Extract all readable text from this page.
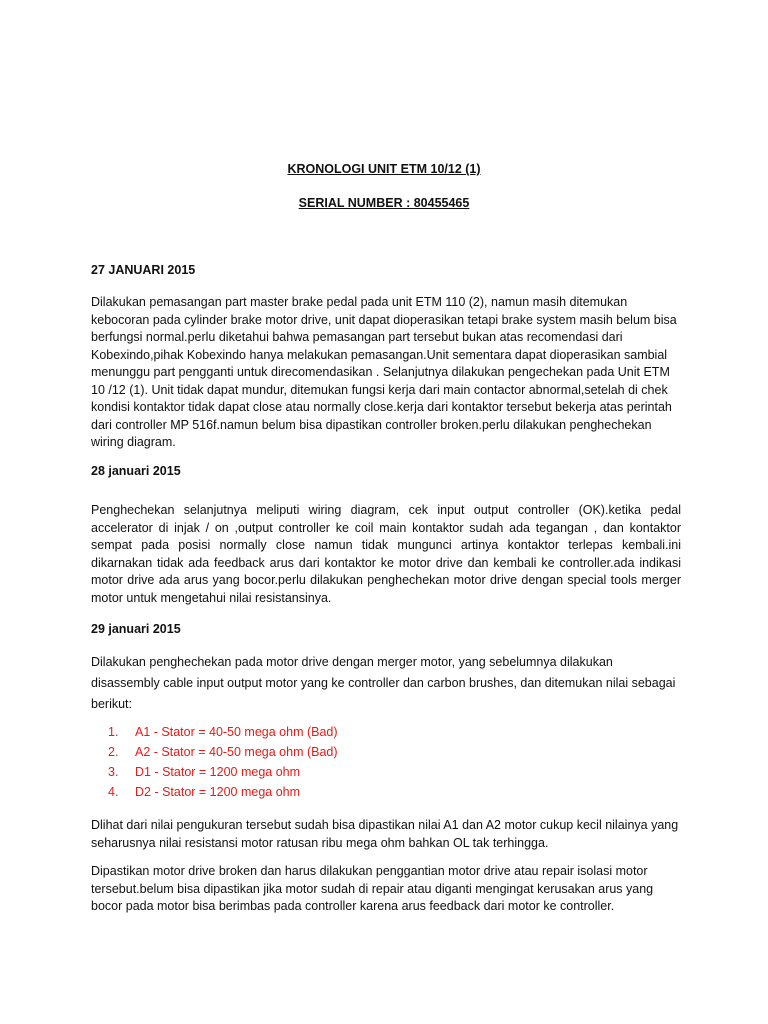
KRONOLOGI UNIT ETM 10/12 (1)
SERIAL NUMBER : 80455465
27 JANUARI 2015
Dilakukan pemasangan part master brake pedal pada unit ETM 110 (2), namun masih ditemukan kebocoran pada cylinder brake motor drive, unit dapat dioperasikan tetapi brake system masih belum bisa berfungsi normal.perlu diketahui bahwa pemasangan part tersebut bukan atas recomendasi dari Kobexindo,pihak Kobexindo hanya melakukan pemasangan.Unit sementara dapat dioperasikan sambial menunggu part pengganti untuk direcomendasikan . Selanjutnya dilakukan pengechekan pada Unit ETM 10 /12 (1). Unit tidak dapat mundur, ditemukan fungsi kerja dari main contactor abnormal,setelah di chek kondisi kontaktor tidak dapat close atau normally close.kerja dari kontaktor tersebut bekerja atas perintah dari controller MP 516f.namun belum bisa dipastikan controller broken.perlu dilakukan penghechekan wiring diagram.
28 januari 2015
Penghechekan selanjutnya meliputi wiring diagram, cek input output controller (OK).ketika pedal accelerator di injak / on ,output controller ke coil main kontaktor sudah ada tegangan , dan kontaktor sempat pada posisi normally close namun tidak mungunci artinya kontaktor terlepas kembali.ini dikarnakan tidak ada feedback arus dari kontaktor ke motor drive dan kembali ke controller.ada indikasi motor drive ada arus yang bocor.perlu dilakukan penghechekan motor drive dengan special tools merger motor untuk mengetahui nilai resistansinya.
29 januari 2015
Dilakukan penghechekan pada motor drive dengan merger motor, yang sebelumnya dilakukan disassembly cable input output motor yang ke controller dan carbon brushes, dan ditemukan nilai sebagai berikut:
1. A1 - Stator = 40-50 mega ohm (Bad)
2. A2 - Stator = 40-50 mega ohm (Bad)
3. D1 - Stator = 1200 mega ohm
4. D2 - Stator = 1200 mega ohm
Dlihat dari nilai pengukuran tersebut sudah bisa dipastikan nilai A1 dan A2 motor cukup kecil nilainya yang seharusnya nilai resistansi motor ratusan ribu mega ohm bahkan OL tak terhingga.
Dipastikan motor drive broken dan harus dilakukan penggantian motor drive atau repair isolasi motor tersebut.belum bisa dipastikan jika motor sudah di repair atau diganti mengingat kerusakan arus yang bocor pada motor bisa berimbas pada controller karena arus feedback dari motor ke controller.
